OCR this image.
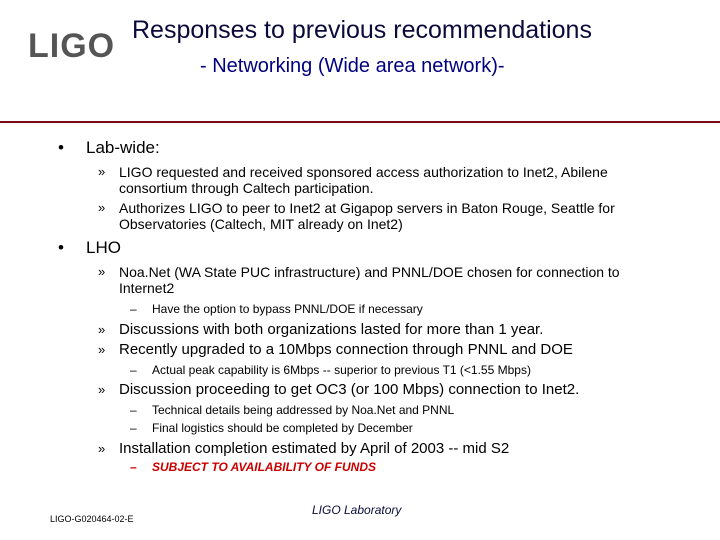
LIGO Responses to previous recommendations
- Networking (Wide area network)-
• Lab-wide:
» LIGO requested and received sponsored access authorization to Inet2, Abilene consortium through Caltech participation.
» Authorizes LIGO to peer to Inet2 at Gigapop servers in Baton Rouge, Seattle for Observatories (Caltech, MIT already on Inet2)
• LHO
» Noa.Net (WA State PUC infrastructure) and PNNL/DOE chosen for connection to Internet2
– Have the option to bypass PNNL/DOE if necessary
» Discussions with both organizations lasted for more than 1 year.
» Recently upgraded to a 10Mbps connection through PNNL and DOE
– Actual peak capability is 6Mbps -- superior to previous T1 (<1.55 Mbps)
» Discussion proceeding to get OC3 (or 100 Mbps) connection to Inet2.
– Technical details being addressed by Noa.Net and PNNL
– Final logistics should be completed by December
» Installation completion estimated by April of 2003 -- mid S2
– SUBJECT TO AVAILABILITY OF FUNDS
LIGO-G020464-02-E
LIGO Laboratory
